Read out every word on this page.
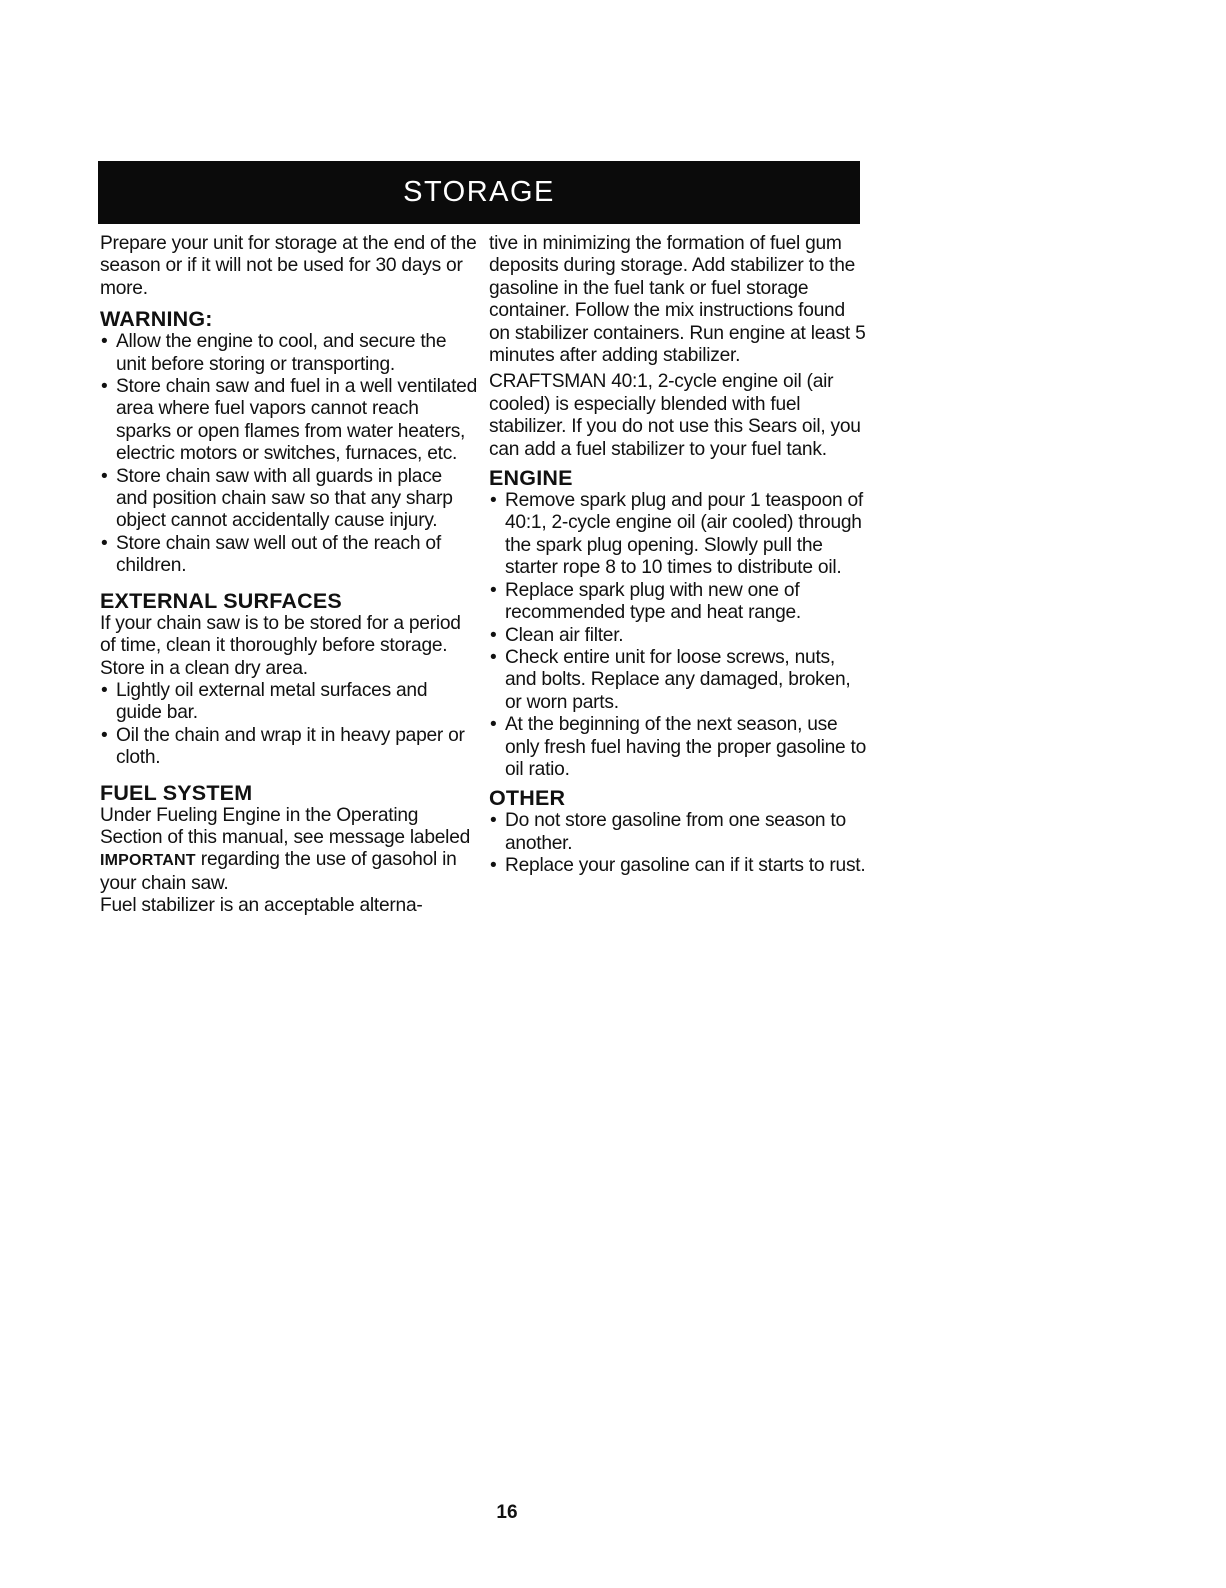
STORAGE

Prepare your unit for storage at the end of the season or if it will not be used for 30 days or more.

WARNING:

• Allow the engine to cool, and secure the unit before storing or transporting.
• Store chain saw and fuel in a well ventilated area where fuel vapors cannot reach sparks or open flames from water heaters, electric motors or switches, furnaces, etc.
• Store chain saw with all guards in place and position chain saw so that any sharp object cannot accidentally cause injury.
• Store chain saw well out of the reach of children.

EXTERNAL SURFACES

If your chain saw is to be stored for a period of time, clean it thoroughly before storage. Store in a clean dry area.

• Lightly oil external metal surfaces and guide bar.
• Oil the chain and wrap it in heavy paper or cloth.

FUEL SYSTEM

Under Fueling Engine in the Operating Section of this manual, see message labeled IMPORTANT regarding the use of gasohol in your chain saw.

Fuel stabilizer is an acceptable alterna-

tive in minimizing the formation of fuel gum deposits during storage. Add stabilizer to the gasoline in the fuel tank or fuel storage container. Follow the mix instructions found on stabilizer containers. Run engine at least 5 minutes after adding stabilizer.

CRAFTSMAN 40:1, 2-cycle engine oil (air cooled) is especially blended with fuel stabilizer. If you do not use this Sears oil, you can add a fuel stabilizer to your fuel tank.

ENGINE

• Remove spark plug and pour 1 teaspoon of 40:1, 2-cycle engine oil (air cooled) through the spark plug opening. Slowly pull the starter rope 8 to 10 times to distribute oil.
• Replace spark plug with new one of recommended type and heat range.
• Clean air filter.
• Check entire unit for loose screws, nuts, and bolts. Replace any damaged, broken, or worn parts.
• At the beginning of the next season, use only fresh fuel having the proper gasoline to oil ratio.

OTHER

• Do not store gasoline from one season to another.
• Replace your gasoline can if it starts to rust.
16
